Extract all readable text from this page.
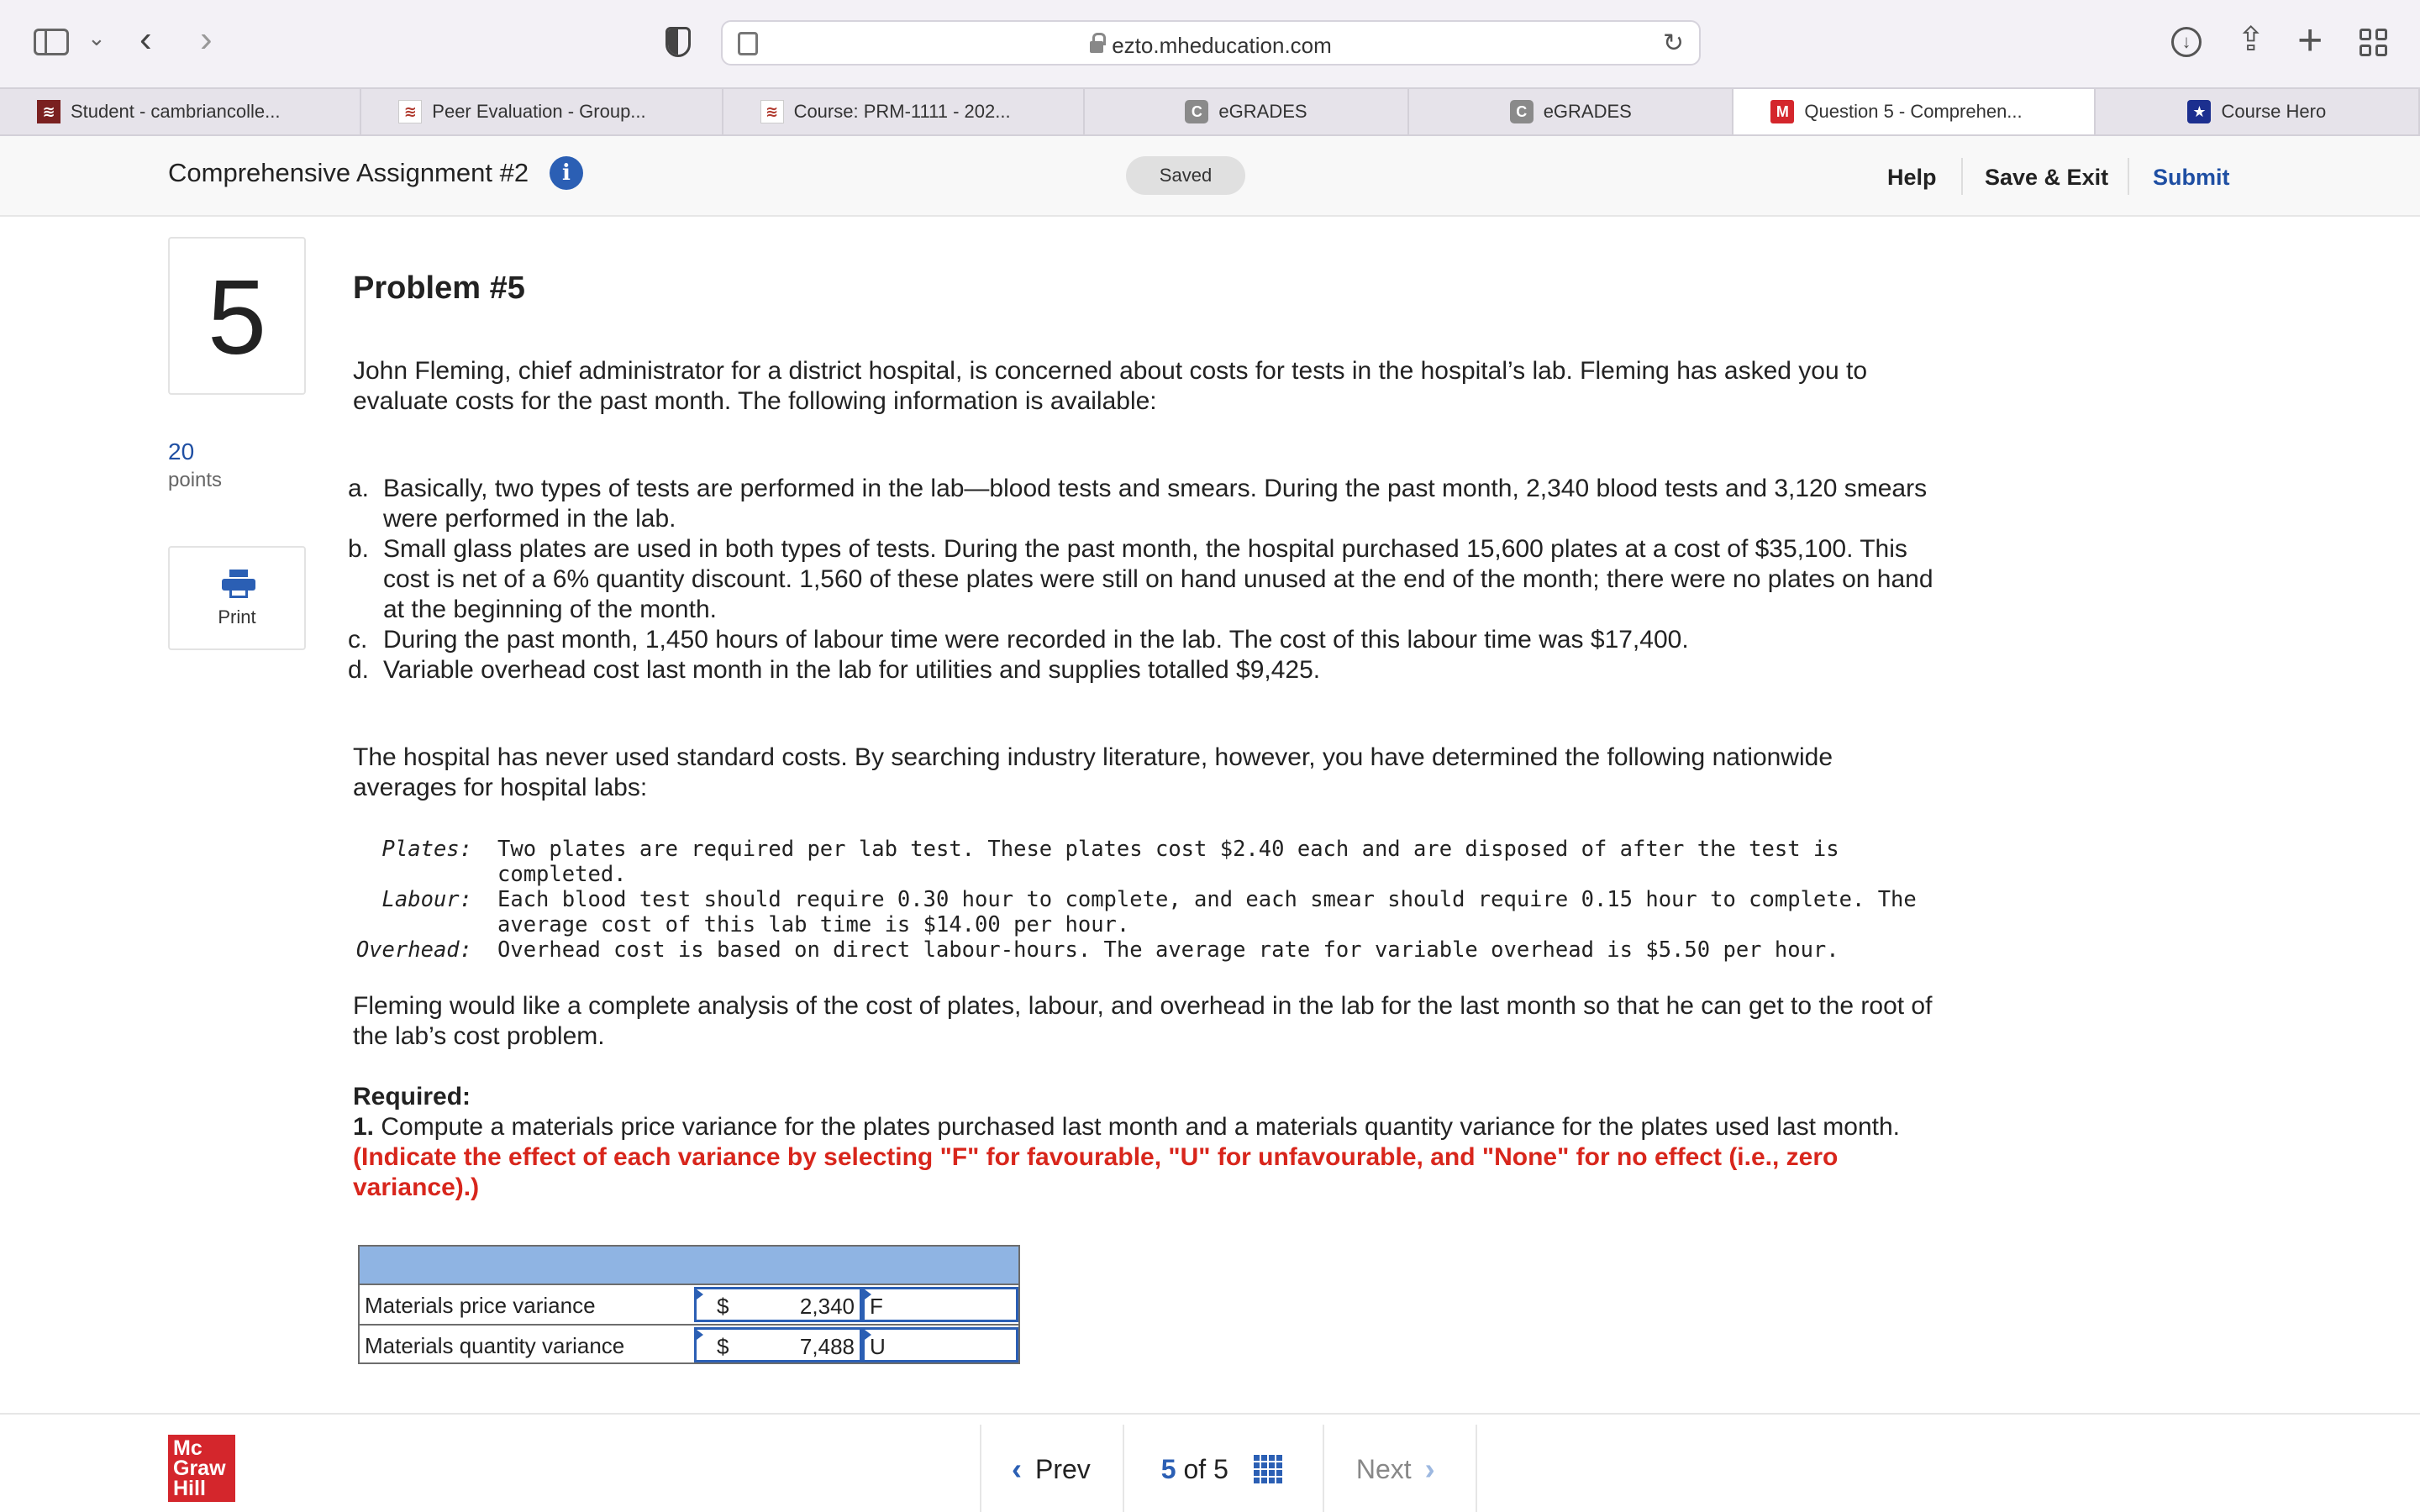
⌄ ‹ ›	ezto.mheducation.com	↻	↓	⇪ +
≋ Student - cambriancolle...	≋ Peer Evaluation - Group...	≋ Course: PRM-1111 - 202...	C eGRADES	C eGRADES	M Question 5 - Comprehen...	★ Course Hero
Comprehensive Assignment #2	i	Saved	Help Save & Exit Submit
5
20
points
Print
Problem #5
John Fleming, chief administrator for a district hospital, is concerned about costs for tests in the hospital’s lab. Fleming has asked you to evaluate costs for the past month. The following information is available:
a. Basically, two types of tests are performed in the lab—blood tests and smears. During the past month, 2,340 blood tests and 3,120 smears were performed in the lab.
b. Small glass plates are used in both types of tests. During the past month, the hospital purchased 15,600 plates at a cost of $35,100. This cost is net of a 6% quantity discount. 1,560 of these plates were still on hand unused at the end of the month; there were no plates on hand at the beginning of the month.
c. During the past month, 1,450 hours of labour time were recorded in the lab. The cost of this labour time was $17,400.
d. Variable overhead cost last month in the lab for utilities and supplies totalled $9,425.
The hospital has never used standard costs. By searching industry literature, however, you have determined the following nationwide averages for hospital labs:
Plates: Two plates are required per lab test. These plates cost $2.40 each and are disposed of after the test is completed.
Labour: Each blood test should require 0.30 hour to complete, and each smear should require 0.15 hour to complete. The average cost of this lab time is $14.00 per hour.
Overhead: Overhead cost is based on direct labour-hours. The average rate for variable overhead is $5.50 per hour.
Fleming would like a complete analysis of the cost of plates, labour, and overhead in the lab for the last month so that he can get to the root of the lab’s cost problem.
Required:
1. Compute a materials price variance for the plates purchased last month and a materials quantity variance for the plates used last month. (Indicate the effect of each variance by selecting "F" for favourable, "U" for unfavourable, and "None" for no effect (i.e., zero variance).)
Materials price variance	$	2,340 F
Materials quantity variance	$	7,488 U
Mc
Graw
Hill
‹ Prev	5
of
5	Next ›
